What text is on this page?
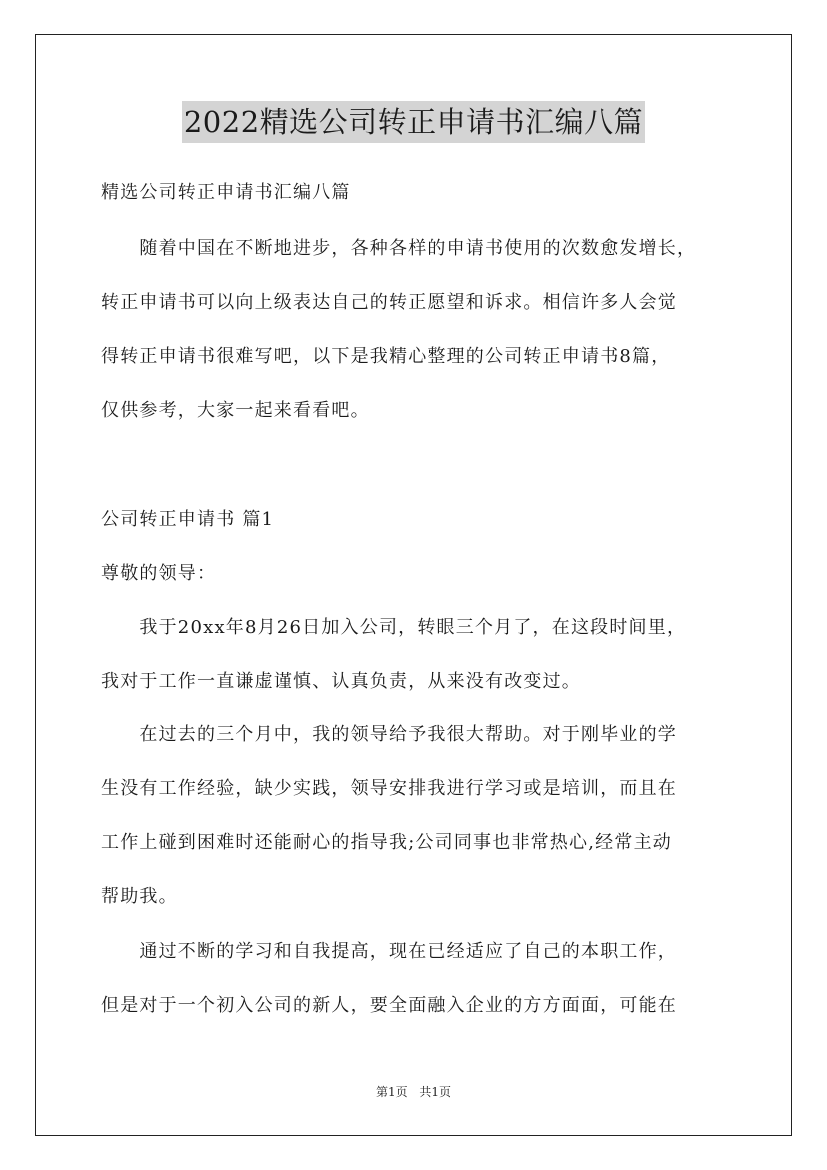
2022精选公司转正申请书汇编八篇

精选公司转正申请书汇编八篇

　　随着中国在不断地进步，各种各样的申请书使用的次数愈发增长，

转正申请书可以向上级表达自己的转正愿望和诉求。相信许多人会觉

得转正申请书很难写吧，以下是我精心整理的公司转正申请书8篇，

仅供参考，大家一起来看看吧。

公司转正申请书 篇1

尊敬的领导：

　　我于20xx年8月26日加入公司，转眼三个月了，在这段时间里，

我对于工作一直谦虚谨慎、认真负责，从来没有改变过。

　　在过去的三个月中，我的领导给予我很大帮助。对于刚毕业的学

生没有工作经验，缺少实践，领导安排我进行学习或是培训，而且在

工作上碰到困难时还能耐心的指导我;公司同事也非常热心,经常主动

帮助我。

　　通过不断的学习和自我提高，现在已经适应了自己的本职工作，

但是对于一个初入公司的新人，要全面融入企业的方方面面，可能在

第1页 共1页
